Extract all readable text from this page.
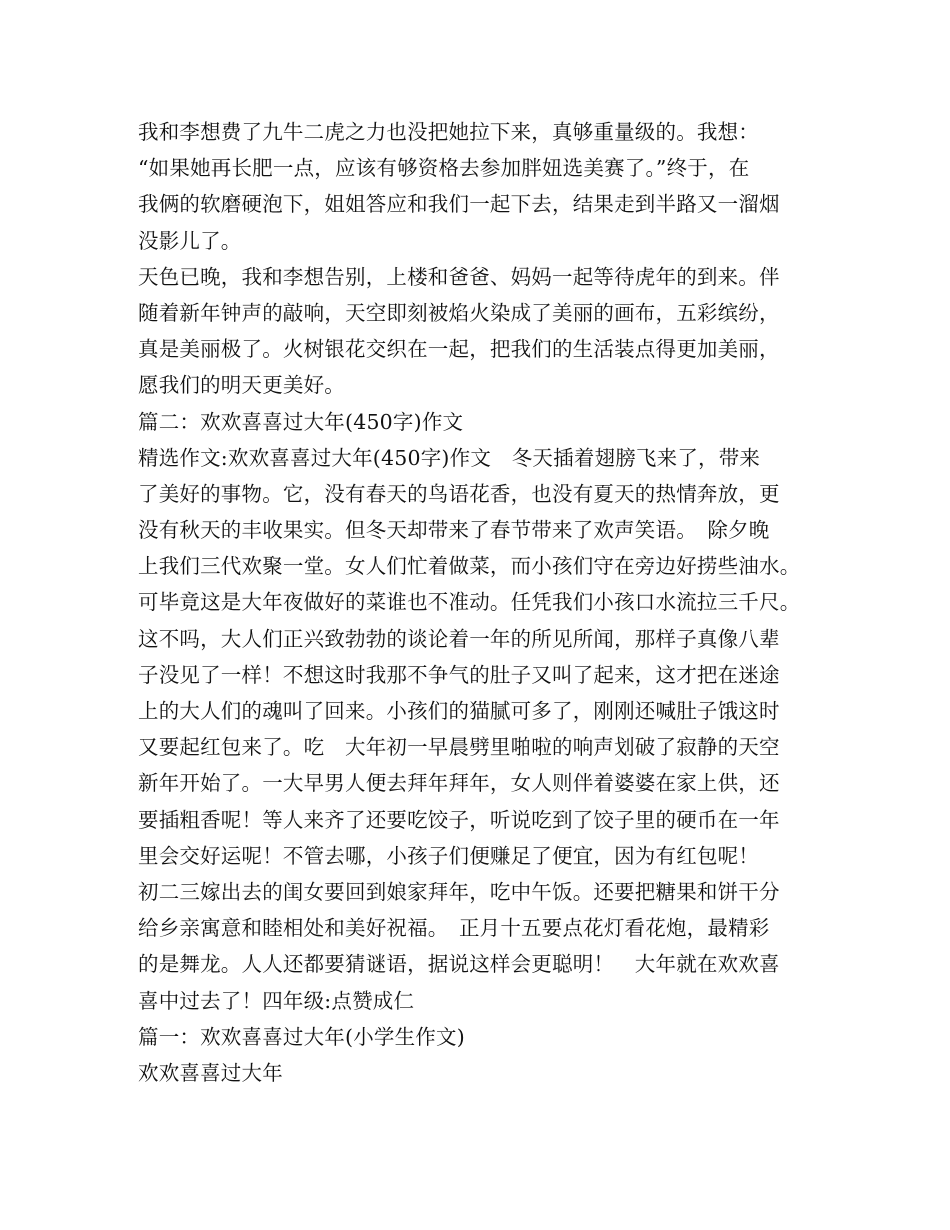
我和李想费了九牛二虎之力也没把她拉下来，真够重量级的。我想：
“如果她再长肥一点，应该有够资格去参加胖妞选美赛了。”终于，在
我俩的软磨硬泡下，姐姐答应和我们一起下去，结果走到半路又一溜烟
没影儿了。
天色已晚，我和李想告别，上楼和爸爸、妈妈一起等待虎年的到来。伴
随着新年钟声的敲响，天空即刻被焰火染成了美丽的画布，五彩缤纷，
真是美丽极了。火树银花交织在一起，把我们的生活装点得更加美丽，
愿我们的明天更美好。
篇二：欢欢喜喜过大年(450字)作文
精选作文:欢欢喜喜过大年(450字)作文　冬天插着翅膀飞来了，带来
了美好的事物。它，没有春天的鸟语花香，也没有夏天的热情奔放，更
没有秋天的丰收果实。但冬天却带来了春节带来了欢声笑语。　除夕晚
上我们三代欢聚一堂。女人们忙着做菜，而小孩们守在旁边好捞些油水。
可毕竟这是大年夜做好的菜谁也不准动。任凭我们小孩口水流拉三千尺。
这不吗，大人们正兴致勃勃的谈论着一年的所见所闻，那样子真像八辈
子没见了一样！不想这时我那不争气的肚子又叫了起来，这才把在迷途
上的大人们的魂叫了回来。小孩们的猫腻可多了，刚刚还喊肚子饿这时
又要起红包来了。吃　大年初一早晨劈里啪啦的响声划破了寂静的天空
新年开始了。一大早男人便去拜年拜年，女人则伴着婆婆在家上供，还
要插粗香呢！等人来齐了还要吃饺子，听说吃到了饺子里的硬币在一年
里会交好运呢！不管去哪，小孩子们便赚足了便宜，因为有红包呢！
初二三嫁出去的闺女要回到娘家拜年，吃中午饭。还要把糖果和饼干分
给乡亲寓意和睦相处和美好祝福。　正月十五要点花灯看花炮，最精彩
的是舞龙。人人还都要猜谜语，据说这样会更聪明！　大年就在欢欢喜
喜中过去了！四年级:点赞成仁
篇一：欢欢喜喜过大年(小学生作文)
欢欢喜喜过大年
